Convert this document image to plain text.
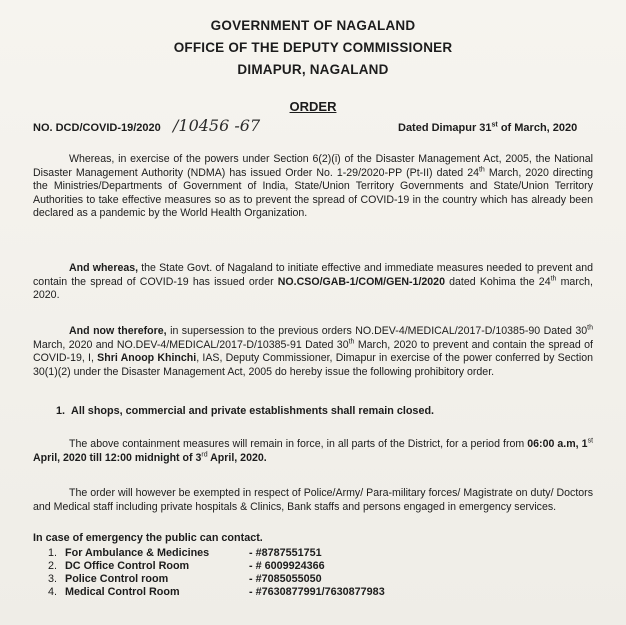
GOVERNMENT OF NAGALAND
OFFICE OF THE DEPUTY COMMISSIONER
DIMAPUR, NAGALAND
ORDER
NO. DCD/COVID-19/2020 /10456 -67	Dated Dimapur 31st of March, 2020
Whereas, in exercise of the powers under Section 6(2)(i) of the Disaster Management Act, 2005, the National Disaster Management Authority (NDMA) has issued Order No. 1-29/2020-PP (Pt-II) dated 24th March, 2020 directing the Ministries/Departments of Government of India, State/Union Territory Governments and State/Union Territory Authorities to take effective measures so as to prevent the spread of COVID-19 in the country which has already been declared as a pandemic by the World Health Organization.
And whereas, the State Govt. of Nagaland to initiate effective and immediate measures needed to prevent and contain the spread of COVID-19 has issued order NO.CSO/GAB-1/COM/GEN-1/2020 dated Kohima the 24th march, 2020.
And now therefore, in supersession to the previous orders NO.DEV-4/MEDICAL/2017-D/10385-90 Dated 30th March, 2020 and NO.DEV-4/MEDICAL/2017-D/10385-91 Dated 30th March, 2020 to prevent and contain the spread of COVID-19, I, Shri Anoop Khinchi, IAS, Deputy Commissioner, Dimapur in exercise of the power conferred by Section 30(1)(2) under the Disaster Management Act, 2005 do hereby issue the following prohibitory order.
1. All shops, commercial and private establishments shall remain closed.
The above containment measures will remain in force, in all parts of the District, for a period from 06:00 a.m, 1st April, 2020 till 12:00 midnight of 3rd April, 2020.
The order will however be exempted in respect of Police/Army/ Para-military forces/ Magistrate on duty/ Doctors and Medical staff including private hospitals & Clinics, Bank staffs and persons engaged in emergency services.
In case of emergency the public can contact.
1. For Ambulance & Medicines	- #8787551751
2. DC Office Control Room	- # 6009924366
3. Police Control room	- #7085055050
4. Medical Control Room	- #7630877991/7630877983
